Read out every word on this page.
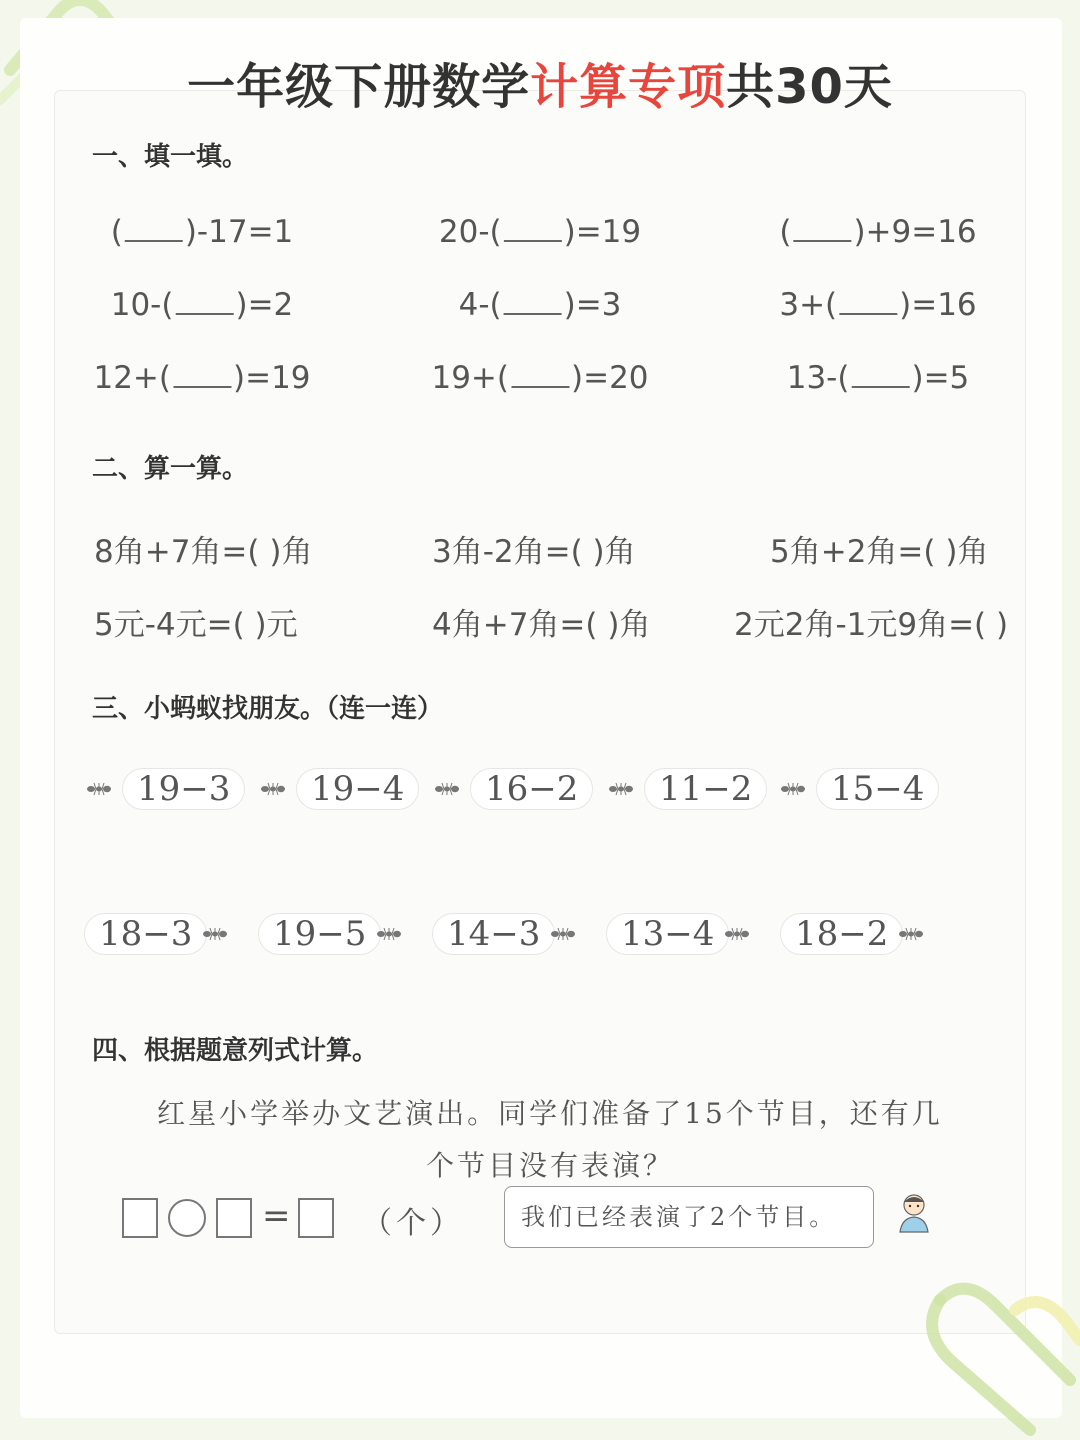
一年级下册数学计算专项共30天
一、填一填。
( )-17=1	20-( )=19	( )+9=16
10-( )=2	4-( )=3	3+( )=16
12+( )=19	19+( )=20	13-( )=5
二、算一算。
8角+7角=( )角	3角-2角=( )角	5角+2角=( )角
5元-4元=( )元	4角+7角=( )角	2元2角-1元9角=( )
三、小蚂蚁找朋友。（连一连）
19−3	19−4	16−2	11−2	15−4
18−3	19−5	14−3	13−4	18−2
四、根据题意列式计算。
红星小学举办文艺演出。同学们准备了15个节目，还有几
个节目没有表演？
= （个）	我们已经表演了2个节目。
